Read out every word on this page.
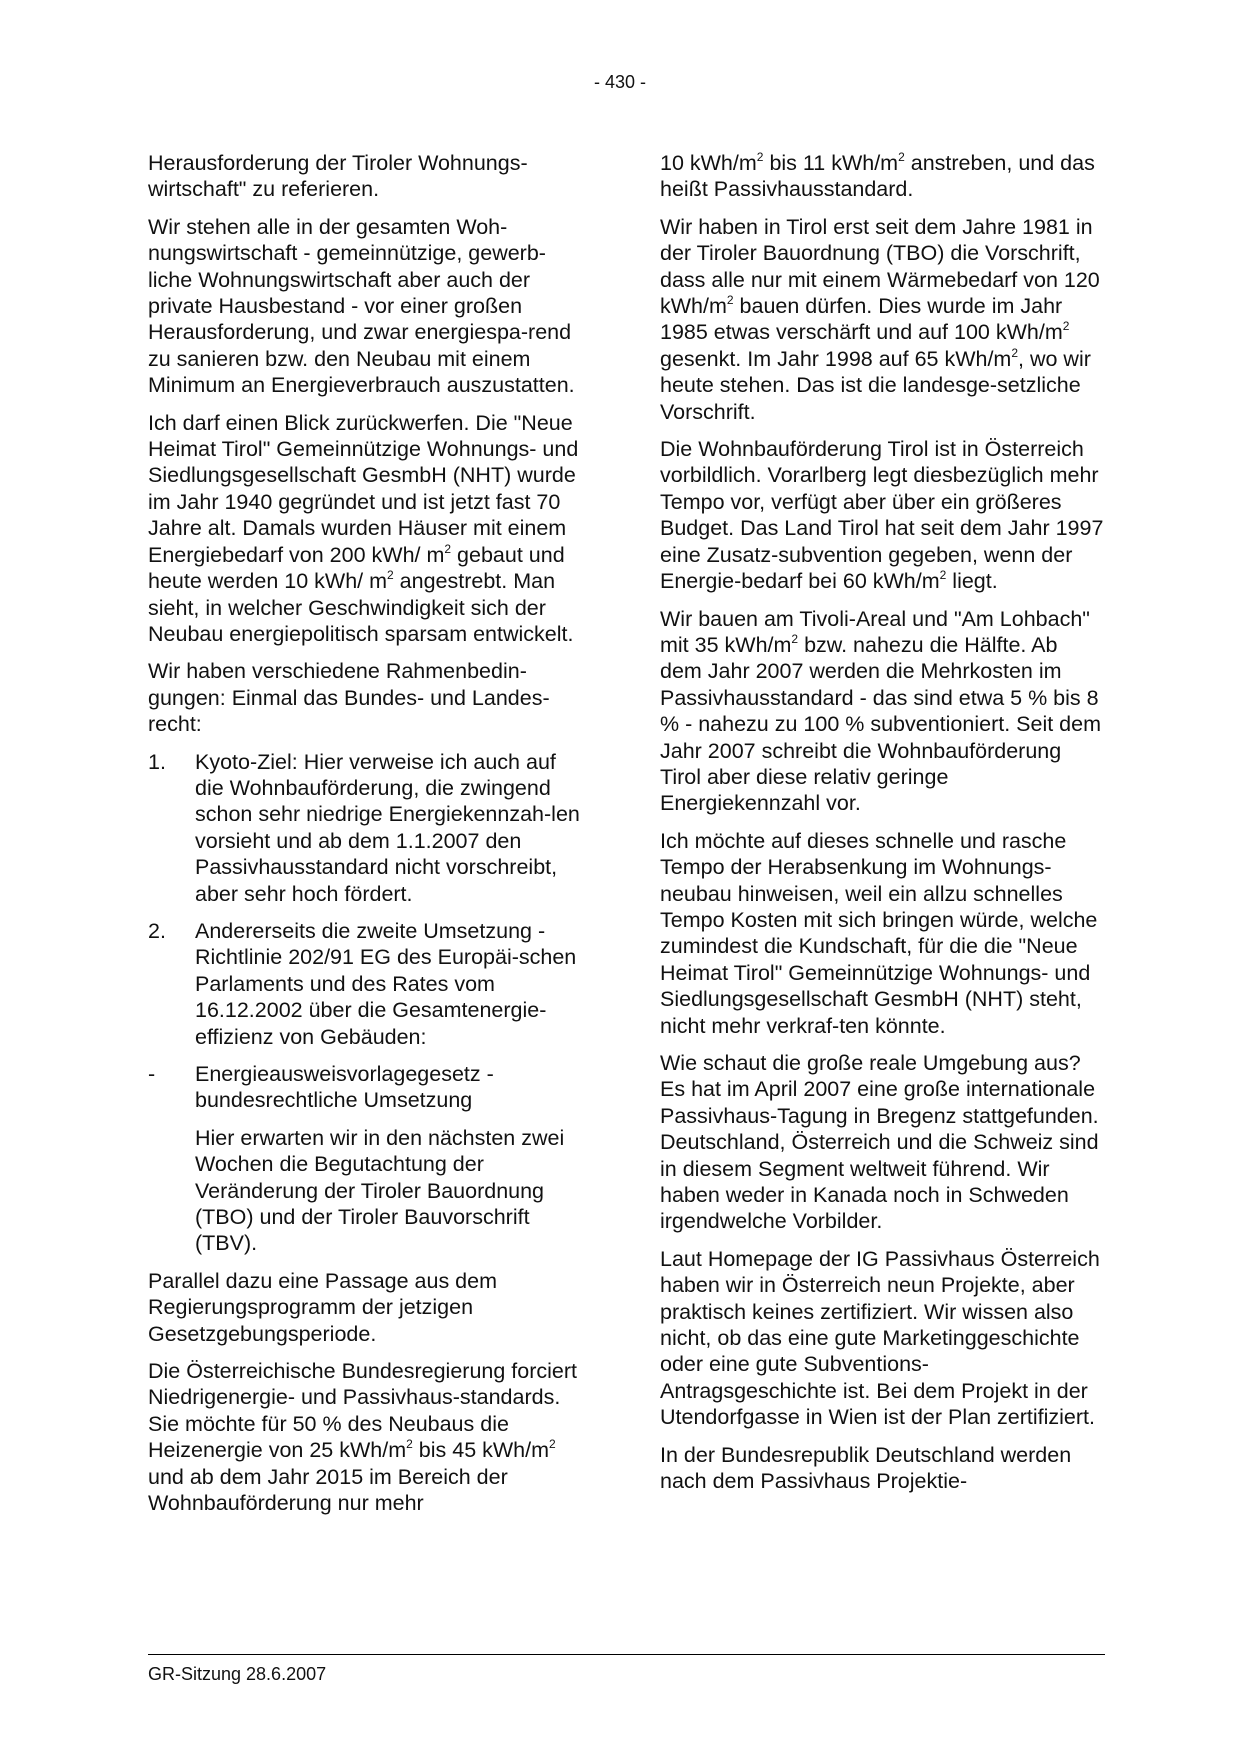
- 430 -

Herausforderung der Tiroler Wohnungs-wirtschaft" zu referieren.

Wir stehen alle in der gesamten Woh-nungswirtschaft - gemeinnützige, gewerb-liche Wohnungswirtschaft aber auch der private Hausbestand - vor einer großen Herausforderung, und zwar energiespa-rend zu sanieren bzw. den Neubau mit einem Minimum an Energieverbrauch auszustatten.

Ich darf einen Blick zurückwerfen. Die "Neue Heimat Tirol" Gemeinnützige Wohnungs- und Siedlungsgesellschaft GesmbH (NHT) wurde im Jahr 1940 gegründet und ist jetzt fast 70 Jahre alt. Damals wurden Häuser mit einem Energiebedarf von 200 kWh/ $m^2$ gebaut und heute werden 10 kWh/ $m^2$ angestrebt. Man sieht, in welcher Geschwindigkeit sich der Neubau energiepolitisch sparsam entwickelt.

Wir haben verschiedene Rahmenbedin-gungen: Einmal das Bundes- und Landes-recht:

1.	Kyoto-Ziel: Hier verweise ich auch auf die Wohnbauförderung, die zwingend schon sehr niedrige Energiekennzah-len vorsieht und ab dem 1.1.2007 den Passivhausstandard nicht vorschreibt, aber sehr hoch fördert.
2.	Andererseits die zweite Umsetzung - Richtlinie 202/91 EG des Europäi-schen Parlaments und des Rates vom 16.12.2002 über die Gesamtenergie-effizienz von Gebäuden:
-	Energieausweisvorlagegesetz - bundesrechtliche Umsetzung

Hier erwarten wir in den nächsten zwei Wochen die Begutachtung der Veränderung der Tiroler Bauordnung (TBO) und der Tiroler Bauvorschrift (TBV).

Parallel dazu eine Passage aus dem Regierungsprogramm der jetzigen Gesetzgebungsperiode.

Die Österreichische Bundesregierung forciert Niedrigenergie- und Passivhaus-standards. Sie möchte für 50 % des Neubaus die Heizenergie von 25 kWh/$m^2$ bis 45 kWh/$m^2$ und ab dem Jahr 2015 im Bereich der Wohnbauförderung nur mehr

10 kWh/$m^2$ bis 11 kWh/$m^2$ anstreben, und das heißt Passivhausstandard.

Wir haben in Tirol erst seit dem Jahre 1981 in der Tiroler Bauordnung (TBO) die Vorschrift, dass alle nur mit einem Wärmebedarf von 120 kWh/$m^2$ bauen dürfen. Dies wurde im Jahr 1985 etwas verschärft und auf 100 kWh/$m^2$ gesenkt. Im Jahr 1998 auf 65 kWh/$m^2$, wo wir heute stehen. Das ist die landesge-setzliche Vorschrift.

Die Wohnbauförderung Tirol ist in Österreich vorbildlich. Vorarlberg legt diesbezüglich mehr Tempo vor, verfügt aber über ein größeres Budget. Das Land Tirol hat seit dem Jahr 1997 eine Zusatz-subvention gegeben, wenn der Energie-bedarf bei 60 kWh/$m^2$ liegt.

Wir bauen am Tivoli-Areal und "Am Lohbach" mit 35 kWh/$m^2$ bzw. nahezu die Hälfte. Ab dem Jahr 2007 werden die Mehrkosten im Passivhausstandard - das sind etwa 5 % bis 8 % - nahezu zu 100 % subventioniert. Seit dem Jahr 2007 schreibt die Wohnbauförderung Tirol aber diese relativ geringe Energiekennzahl vor.

Ich möchte auf dieses schnelle und rasche Tempo der Herabsenkung im Wohnungs-neubau hinweisen, weil ein allzu schnelles Tempo Kosten mit sich bringen würde, welche zumindest die Kundschaft, für die die "Neue Heimat Tirol" Gemeinnützige Wohnungs- und Siedlungsgesellschaft GesmbH (NHT) steht, nicht mehr verkraf-ten könnte.

Wie schaut die große reale Umgebung aus? Es hat im April 2007 eine große internationale Passivhaus-Tagung in Bregenz stattgefunden. Deutschland, Österreich und die Schweiz sind in diesem Segment weltweit führend. Wir haben weder in Kanada noch in Schweden irgendwelche Vorbilder.

Laut Homepage der IG Passivhaus Österreich haben wir in Österreich neun Projekte, aber praktisch keines zertifiziert. Wir wissen also nicht, ob das eine gute Marketinggeschichte oder eine gute Subventions-Antragsgeschichte ist. Bei dem Projekt in der Utendorfgasse in Wien ist der Plan zertifiziert.

In der Bundesrepublik Deutschland werden nach dem Passivhaus Projektie-

GR-Sitzung 28.6.2007
